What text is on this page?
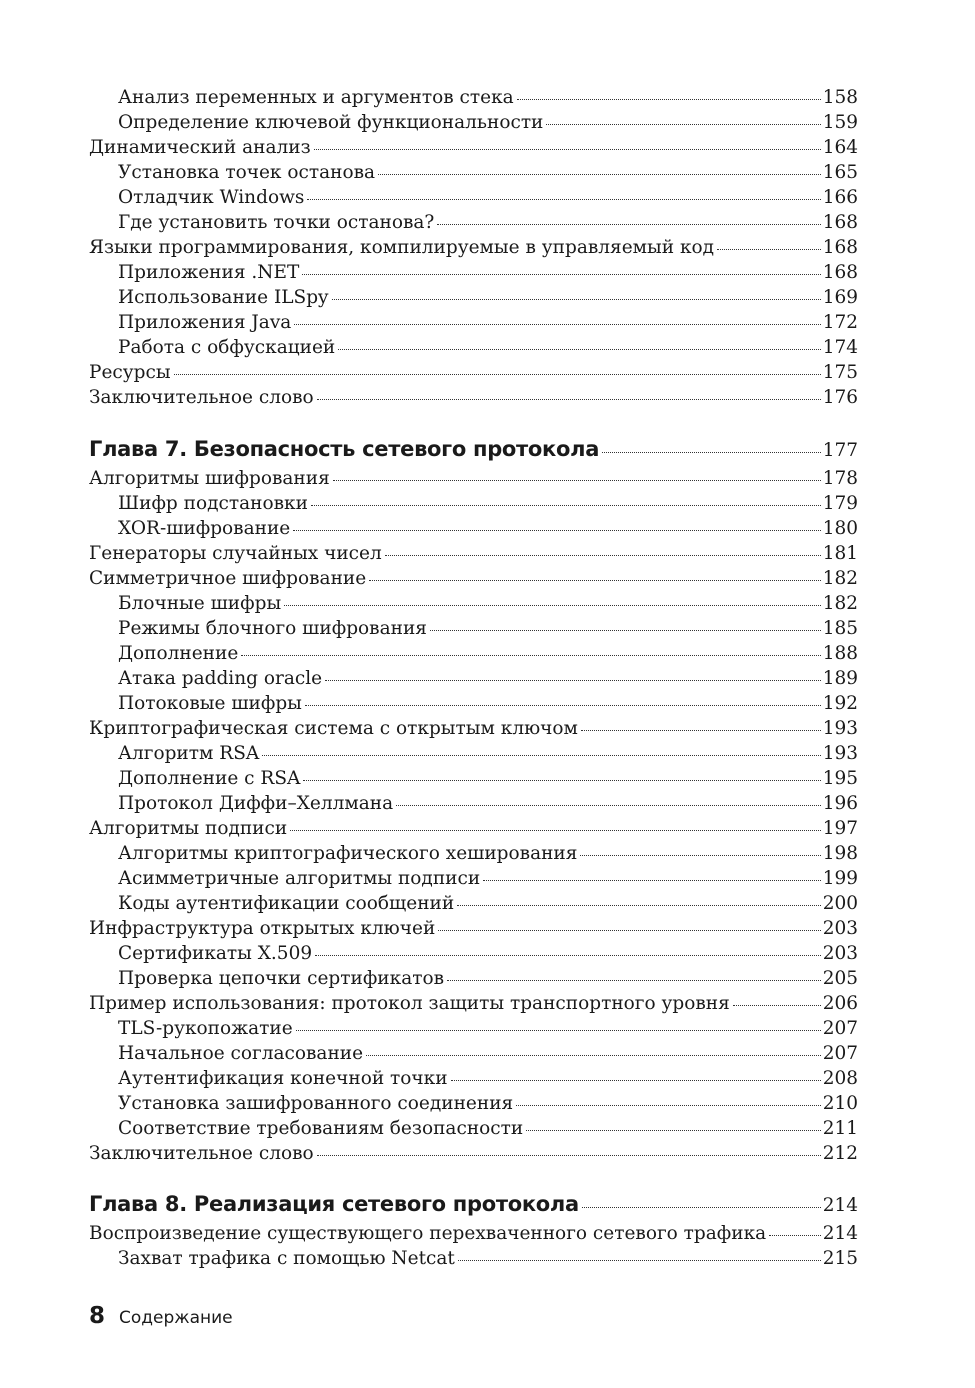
Анализ переменных и аргументов стека	158
Определение ключевой функциональности	159
Динамический анализ	164
Установка точек останова	165
Отладчик Windows	166
Где установить точки останова?	168
Языки программирования, компилируемые в управляемый код	168
Приложения .NET	168
Использование ILSpy	169
Приложения Java	172
Работа с обфускацией	174
Ресурсы	175
Заключительное слово	176
Глава 7. Безопасность сетевого протокола	177
Алгоритмы шифрования	178
Шифр подстановки	179
XOR-шифрование	180
Генераторы случайных чисел	181
Симметричное шифрование	182
Блочные шифры	182
Режимы блочного шифрования	185
Дополнение	188
Атака padding oracle	189
Потоковые шифры	192
Криптографическая система с открытым ключом	193
Алгоритм RSA	193
Дополнение с RSA	195
Протокол Диффи–Хеллмана	196
Алгоритмы подписи	197
Алгоритмы криптографического хеширования	198
Асимметричные алгоритмы подписи	199
Коды аутентификации сообщений	200
Инфраструктура открытых ключей	203
Сертификаты X.509	203
Проверка цепочки сертификатов	205
Пример использования: протокол защиты транспортного уровня	206
TLS-рукопожатие	207
Начальное согласование	207
Аутентификация конечной точки	208
Установка зашифрованного соединения	210
Соответствие требованиям безопасности	211
Заключительное слово	212
Глава 8. Реализация сетевого протокола	214
Воспроизведение существующего перехваченного сетевого трафика	214
Захват трафика с помощью Netcat	215
8 Содержание
